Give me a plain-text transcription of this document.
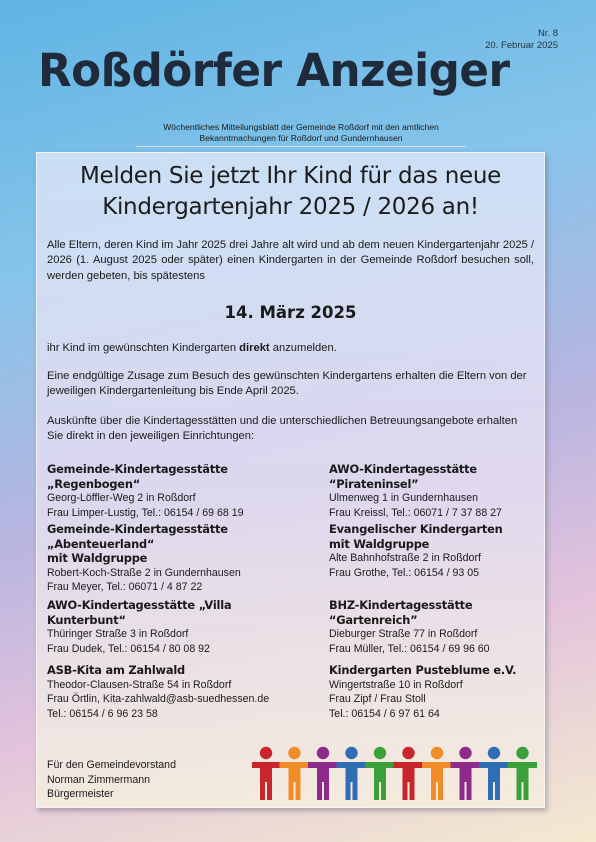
Nr. 8
20. Februar 2025
Roßdörfer Anzeiger
Wöchentliches Mitteilungsblatt der Gemeinde Roßdorf mit den amtlichen
Bekanntmachungen für Roßdorf und Gundernhausen
Melden Sie jetzt Ihr Kind für das neue
Kindergartenjahr 2025 / 2026 an!
Alle Eltern, deren Kind im Jahr 2025 drei Jahre alt wird und ab dem neuen Kindergartenjahr 2025 / 2026 (1. August 2025 oder später) einen Kindergarten in der Gemeinde Roßdorf besuchen soll, werden gebeten, bis spätestens
14. März 2025
ihr Kind im gewünschten Kindergarten direkt anzumelden.
Eine endgültige Zusage zum Besuch des gewünschten Kindergartens erhalten die Eltern von der jeweiligen Kindergartenleitung bis Ende April 2025.
Auskünfte über die Kindertagesstätten und die unterschiedlichen Betreuungsangebote erhalten Sie direkt in den jeweiligen Einrichtungen:
Gemeinde-Kindertagesstätte „Regenbogen“
Georg-Löffler-Weg 2 in Roßdorf
Frau Limper-Lustig, Tel.: 06154 / 69 68 19
AWO-Kindertagesstätte “Pirateninsel”
Ulmenweg 1 in Gundernhausen
Frau Kreissl, Tel.: 06071 / 7 37 88 27
Gemeinde-Kindertagesstätte „Abenteuerland“
mit Waldgruppe
Robert-Koch-Straße 2 in Gundernhausen
Frau Meyer, Tel.: 06071 / 4 87 22
Evangelischer Kindergarten
mit Waldgruppe
Alte Bahnhofstraße 2 in Roßdorf
Frau Grothe, Tel.: 06154 / 93 05
AWO-Kindertagesstätte „Villa Kunterbunt“
Thüringer Straße 3 in Roßdorf
Frau Dudek, Tel.: 06154 / 80 08 92
BHZ-Kindertagesstätte “Gartenreich”
Dieburger Straße 77 in Roßdorf
Frau Müller, Tel.: 06154 / 69 96 60
ASB-Kita am Zahlwald
Theodor-Clausen-Straße 54 in Roßdorf
Frau Örtlin, Kita-zahlwald@asb-suedhessen.de
Tel.: 06154 / 6 96 23 58
Kindergarten Pusteblume e.V.
Wingertstraße 10 in Roßdorf
Frau Zipf / Frau Stoll
Tel.: 06154 / 6 97 61 64
Für den Gemeindevorstand
Norman Zimmermann
Bürgermeister
